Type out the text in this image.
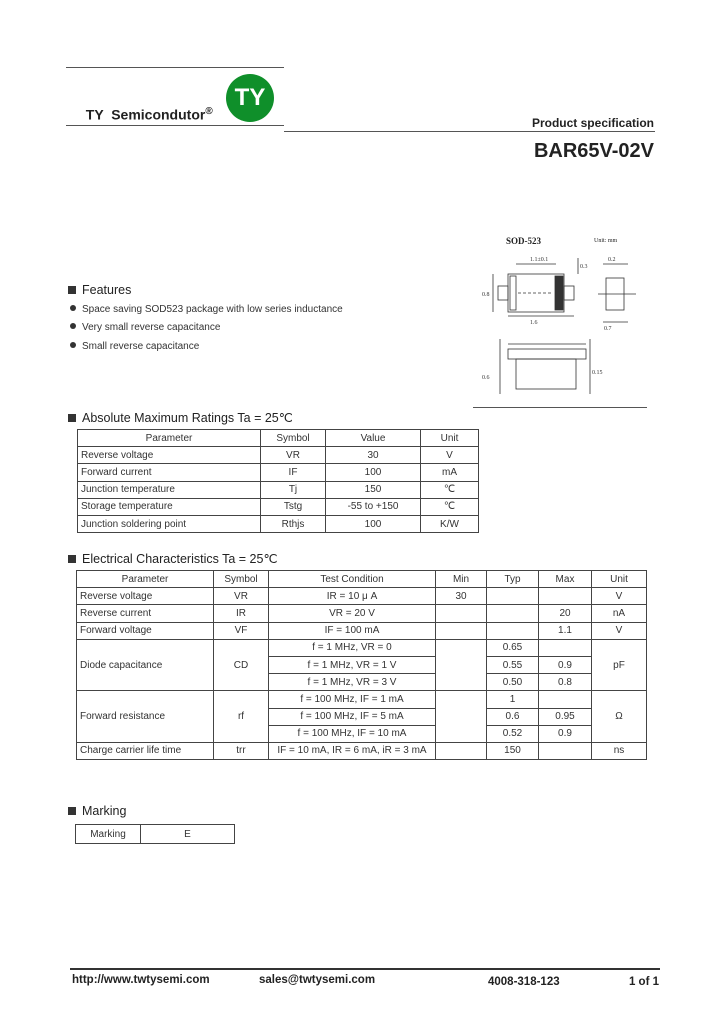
TY  Semicondutor®

TY
Product specification
BAR65V-02V
SOD-523	Unit: mm
1.1±0.1
0.3
1.6
0.8
0.2
0.15
0.7
0.6
Features
Space saving SOD523 package with low series inductance
Very small reverse capacitance
Small reverse capacitance
Absolute Maximum Ratings Ta = 25℃
Parameter	Symbol	Value	Unit
Reverse voltage	VR	30	V
Forward current	IF	100	mA
Junction temperature	Tj	150	℃
Storage temperature	Tstg	-55 to +150	℃
Junction soldering point	Rthjs	100	K/W
Electrical Characteristics Ta = 25℃
Parameter	Symbol	Test Condition	Min	Typ	Max	Unit
Reverse voltage	VR	IR = 10 μ A	30			V
Reverse current	IR	VR = 20 V			20	nA
Forward voltage	VF	IF = 100 mA			1.1	V
Diode capacitance	CD	f = 1 MHz, VR = 0		0.65		pF
		f = 1 MHz, VR = 1 V		0.55	0.9	
		f = 1 MHz, VR = 3 V		0.50	0.8	
Forward resistance	rf	f = 100 MHz, IF = 1 mA		1		Ω
		f = 100 MHz, IF = 5 mA		0.6	0.95	
		f = 100 MHz, IF = 10 mA		0.52	0.9	
Charge carrier life time	trr	IF = 10 mA, IR = 6 mA, iR = 3 mA		150		ns
Marking
Marking	E
http://www.twtysemi.com	sales@twtysemi.com	4008-318-123	1 of 1
